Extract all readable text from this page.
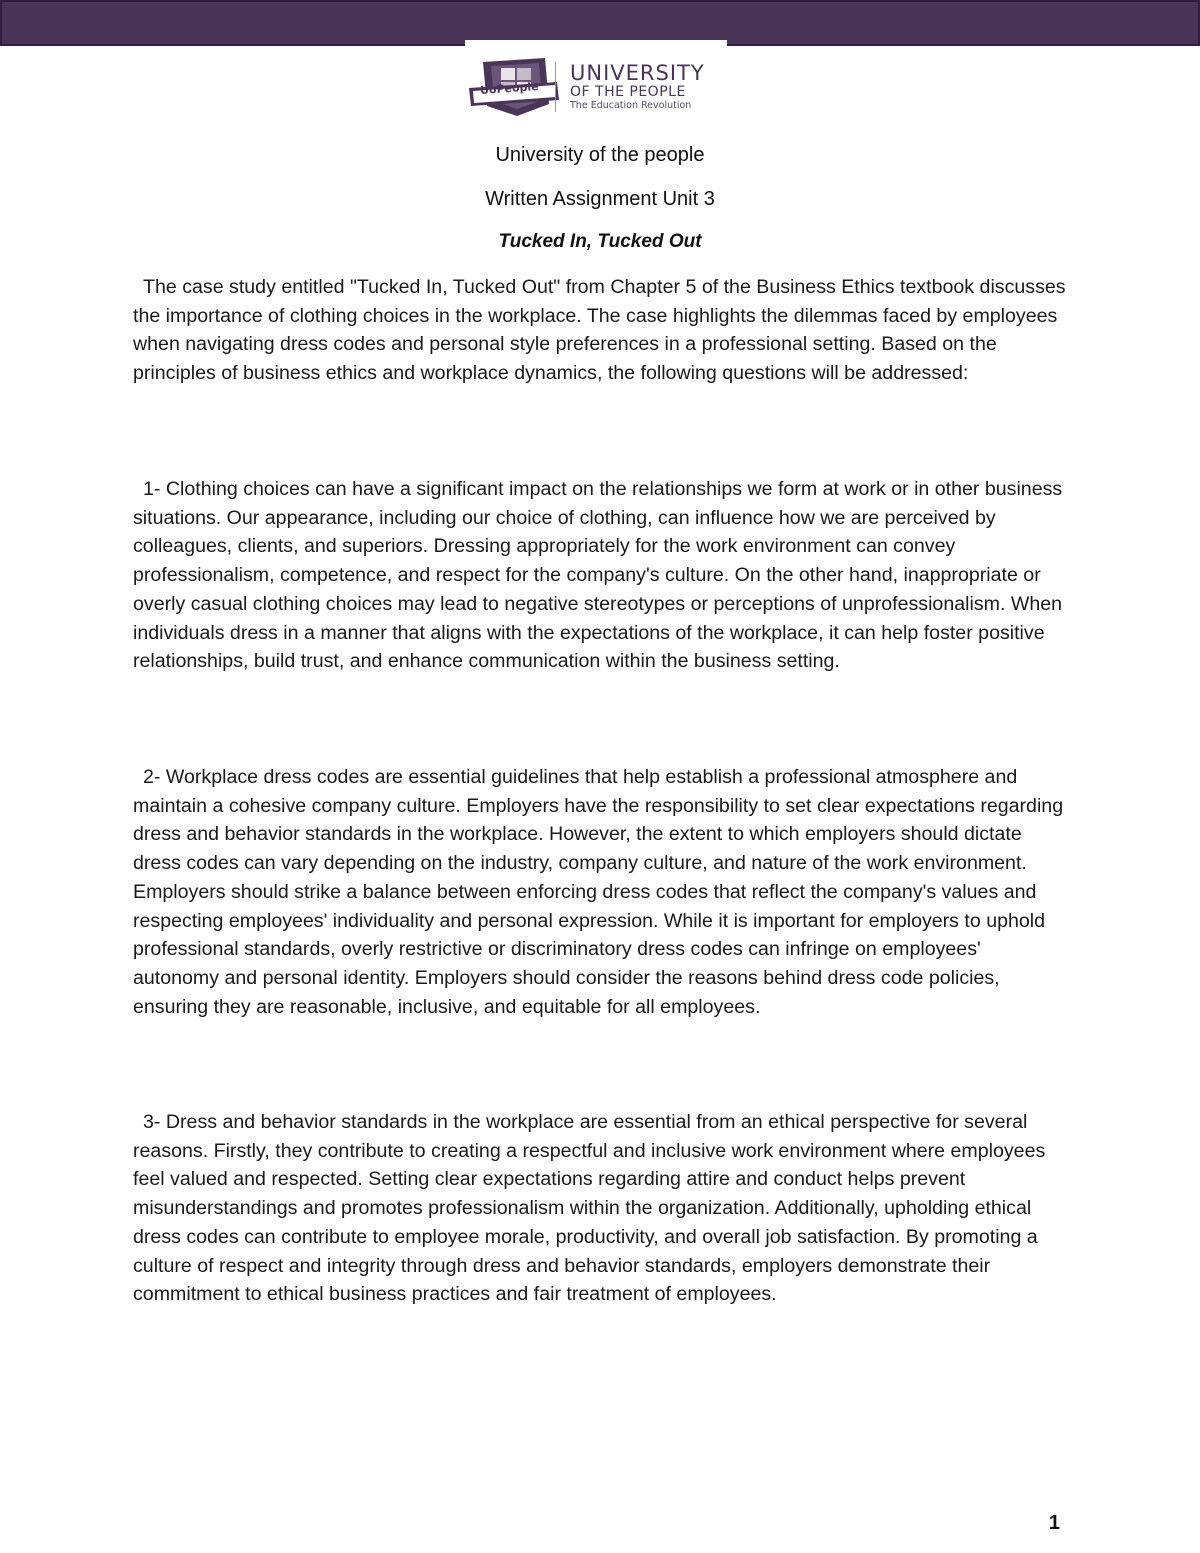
UoPeople
UNIVERSITY
OF THE PEOPLE
The Education Revolution
University of the people
Written Assignment Unit 3
Tucked In, Tucked Out

The case study entitled "Tucked In, Tucked Out" from Chapter 5 of the Business Ethics textbook discusses the importance of clothing choices in the workplace. The case highlights the dilemmas faced by employees when navigating dress codes and personal style preferences in a professional setting. Based on the principles of business ethics and workplace dynamics, the following questions will be addressed:

1- Clothing choices can have a significant impact on the relationships we form at work or in other business situations. Our appearance, including our choice of clothing, can influence how we are perceived by colleagues, clients, and superiors. Dressing appropriately for the work environment can convey professionalism, competence, and respect for the company's culture. On the other hand, inappropriate or overly casual clothing choices may lead to negative stereotypes or perceptions of unprofessionalism. When individuals dress in a manner that aligns with the expectations of the workplace, it can help foster positive relationships, build trust, and enhance communication within the business setting.

2- Workplace dress codes are essential guidelines that help establish a professional atmosphere and maintain a cohesive company culture. Employers have the responsibility to set clear expectations regarding dress and behavior standards in the workplace. However, the extent to which employers should dictate dress codes can vary depending on the industry, company culture, and nature of the work environment. Employers should strike a balance between enforcing dress codes that reflect the company's values and respecting employees' individuality and personal expression. While it is important for employers to uphold professional standards, overly restrictive or discriminatory dress codes can infringe on employees' autonomy and personal identity. Employers should consider the reasons behind dress code policies, ensuring they are reasonable, inclusive, and equitable for all employees.

3- Dress and behavior standards in the workplace are essential from an ethical perspective for several reasons. Firstly, they contribute to creating a respectful and inclusive work environment where employees feel valued and respected. Setting clear expectations regarding attire and conduct helps prevent misunderstandings and promotes professionalism within the organization. Additionally, upholding ethical dress codes can contribute to employee morale, productivity, and overall job satisfaction. By promoting a culture of respect and integrity through dress and behavior standards, employers demonstrate their commitment to ethical business practices and fair treatment of employees.

1
